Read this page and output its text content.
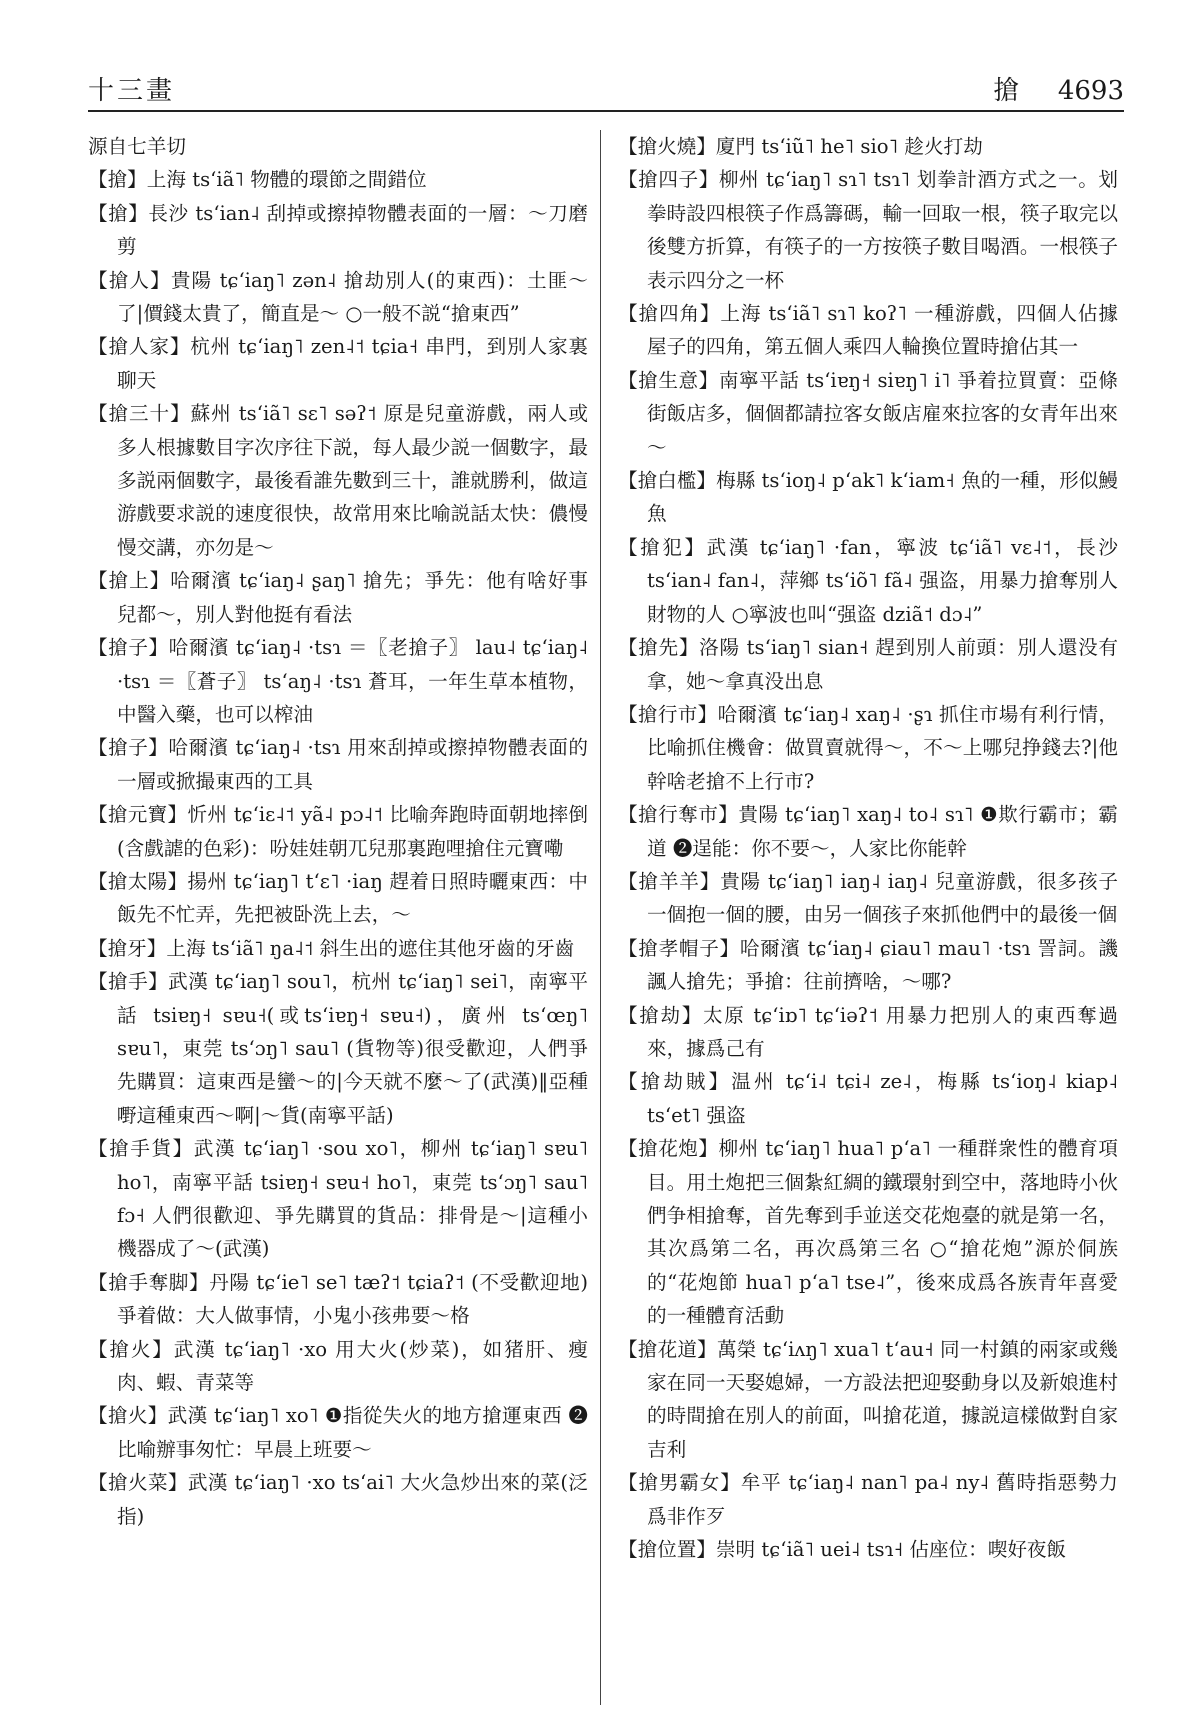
十三畫	搶 4693
源自七羊切
【搶】上海 tsʻiã˥ 物體的環節之間錯位
【搶】長沙 tsʻian˨ 刮掉或擦掉物體表面的一層：～刀磨剪
【搶人】貴陽 tɕʻiaŋ˥ zən˨ 搶劫別人(的東西)：土匪～了|價錢太貴了，簡直是～ ○一般不説“搶東西”
【搶人家】杭州 tɕʻiaŋ˥ zen˨˦ tɕia˧ 串門，到別人家裏聊天
【搶三十】蘇州 tsʻiã˥ sɛ˥ səʔ˦ 原是兒童游戲，兩人或多人根據數目字次序往下説，每人最少説一個數字，最多説兩個數字，最後看誰先數到三十，誰就勝利，做這游戲要求説的速度很快，故常用來比喻説話太快：儂慢慢交講，亦勿是～
【搶上】哈爾濱 tɕʻiaŋ˨ ʂaŋ˥ 搶先；爭先：他有啥好事兒都～，別人對他挺有看法
【搶子】哈爾濱 tɕʻiaŋ˨ ·tsɿ ＝〖老搶子〗 lau˨ tɕʻiaŋ˨ ·tsɿ ＝〖蒼子〗 tsʻaŋ˨ ·tsɿ 蒼耳，一年生草本植物，中醫入藥，也可以榨油
【搶子】哈爾濱 tɕʻiaŋ˨ ·tsɿ 用來刮掉或擦掉物體表面的一層或掀撮東西的工具
【搶元寶】忻州 tɕʻiɛ˨˦ yã˨ pɔ˨˦ 比喻奔跑時面朝地摔倒(含戲謔的色彩)：吩娃娃朝兀兒那裏跑哩搶住元寶嘞
【搶太陽】揚州 tɕʻiaŋ˥ tʻɛ˥ ·iaŋ 趕着日照時曬東西：中飯先不忙弄，先把被卧洗上去，～
【搶牙】上海 tsʻiã˥ ŋa˨˦ 斜生出的遮住其他牙齒的牙齒
【搶手】武漢 tɕʻiaŋ˥ sou˥，杭州 tɕʻiaŋ˥ sei˥，南寧平話 tsiɐŋ˧ sɐu˧(或tsʻiɐŋ˧ sɐu˧)，廣州 tsʻœŋ˥ sɐu˥，東莞 tsʻɔŋ˥ sau˥ (貨物等)很受歡迎，人們爭先購買：這東西是蠻～的|今天就不麼～了(武漢)‖亞種嘢這種東西～啊|～貨(南寧平話)
【搶手貨】武漢 tɕʻiaŋ˥ ·sou xo˥，柳州 tɕʻiaŋ˥ sɐu˥ ho˥，南寧平話 tsiɐŋ˧ sɐu˧ ho˥，東莞 tsʻɔŋ˥ sau˥ fɔ˧ 人們很歡迎、爭先購買的貨品：排骨是～|這種小機器成了～(武漢)
【搶手奪脚】丹陽 tɕʻie˥ se˥ tæʔ˦ tɕiaʔ˦ (不受歡迎地)爭着做：大人做事情，小鬼小孩弗要～格
【搶火】武漢 tɕʻiaŋ˥ ·xo 用大火(炒菜)，如猪肝、瘦肉、蝦、青菜等
【搶火】武漢 tɕʻiaŋ˥ xo˥ ❶指從失火的地方搶運東西 ❷比喻辦事匆忙：早晨上班要～
【搶火菜】武漢 tɕʻiaŋ˥ ·xo tsʻai˥ 大火急炒出來的菜(泛指)
【搶火燒】廈門 tsʻiũ˥ he˥ sio˥ 趁火打劫
【搶四子】柳州 tɕʻiaŋ˥ sɿ˥ tsɿ˥ 划拳計酒方式之一。划拳時設四根筷子作爲籌碼，輸一回取一根，筷子取完以後雙方折算，有筷子的一方按筷子數目喝酒。一根筷子表示四分之一杯
【搶四角】上海 tsʻiã˥ sɿ˥ koʔ˥ 一種游戲，四個人佔據屋子的四角，第五個人乘四人輪換位置時搶佔其一
【搶生意】南寧平話 tsʻiɐŋ˧ siɐŋ˥ i˥ 爭着拉買賣：亞條街飯店多，個個都請拉客女飯店雇來拉客的女青年出來～
【搶白檻】梅縣 tsʻioŋ˨ pʻak˥ kʻiam˧ 魚的一種，形似鰻魚
【搶犯】武漢 tɕʻiaŋ˥ ·fan，寧波 tɕʻiã˥ vɛ˨˦，長沙 tsʻian˨ fan˨，萍鄉 tsʻiõ˥ fã˨ 强盗，用暴力搶奪別人財物的人 ○寧波也叫“强盗 dziã˦ dɔ˨”
【搶先】洛陽 tsʻiaŋ˥ sian˧ 趕到別人前頭：別人還没有拿，她～拿真没出息
【搶行市】哈爾濱 tɕʻiaŋ˨ xaŋ˨ ·ʂɿ 抓住市場有利行情，比喻抓住機會：做買賣就得～，不～上哪兒挣錢去?|他幹啥老搶不上行市?
【搶行奪市】貴陽 tɕʻiaŋ˥ xaŋ˨ to˨ sɿ˥ ❶欺行霸市；霸道 ❷逞能：你不要～，人家比你能幹
【搶羊羊】貴陽 tɕʻiaŋ˥ iaŋ˨ iaŋ˨ 兒童游戲，很多孩子一個抱一個的腰，由另一個孩子來抓他們中的最後一個
【搶孝帽子】哈爾濱 tɕʻiaŋ˨ ɕiau˥ mau˥ ·tsɿ 詈詞。譏諷人搶先；爭搶：往前擠啥，～哪?
【搶劫】太原 tɕʻiɒ˥ tɕʻiəʔ˦ 用暴力把別人的東西奪過來，據爲己有
【搶劫賊】温州 tɕʻi˨ tɕi˨ ze˨，梅縣 tsʻioŋ˨ kiap˨ tsʻet˥ 强盗
【搶花炮】柳州 tɕʻiaŋ˥ hua˥ pʻa˥ 一種群衆性的體育項目。用土炮把三個紮紅綢的鐵環射到空中，落地時小伙們争相搶奪，首先奪到手並送交花炮臺的就是第一名，其次爲第二名，再次爲第三名 ○“搶花炮”源於侗族的“花炮節 hua˥ pʻa˥ tse˨”，後來成爲各族青年喜愛的一種體育活動
【搶花道】萬榮 tɕʻiʌŋ˥ xua˥ tʻau˧ 同一村鎮的兩家或幾家在同一天娶媳婦，一方設法把迎娶動身以及新娘進村的時間搶在別人的前面，叫搶花道，據説這樣做對自家吉利
【搶男霸女】牟平 tɕʻiaŋ˨ nan˥ pa˨ ny˨ 舊時指惡勢力爲非作歹
【搶位置】崇明 tɕʻiã˥ uei˨ tsɿ˧ 佔座位：喫好夜飯
